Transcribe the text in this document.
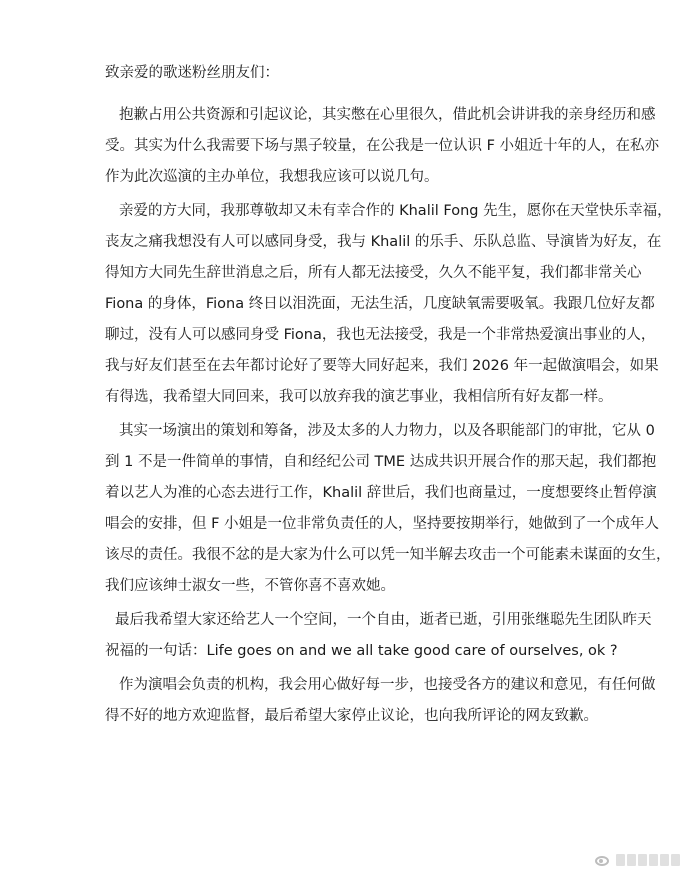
致亲爱的歌迷粉丝朋友们：
抱歉占用公共资源和引起议论，其实憋在心里很久，借此机会讲讲我的亲身经历和感
受。其实为什么我需要下场与黑子较量，在公我是一位认识 F 小姐近十年的人，在私亦
作为此次巡演的主办单位，我想我应该可以说几句。
亲爱的方大同，我那尊敬却又未有幸合作的 Khalil Fong 先生，愿你在天堂快乐幸福，
丧友之痛我想没有人可以感同身受，我与 Khalil 的乐手、乐队总监、导演皆为好友，在
得知方大同先生辞世消息之后，所有人都无法接受，久久不能平复，我们都非常关心
Fiona 的身体，Fiona 终日以泪洗面，无法生活，几度缺氧需要吸氧。我跟几位好友都
聊过，没有人可以感同身受 Fiona，我也无法接受，我是一个非常热爱演出事业的人，
我与好友们甚至在去年都讨论好了要等大同好起来，我们 2026 年一起做演唱会，如果
有得选，我希望大同回来，我可以放弃我的演艺事业，我相信所有好友都一样。
其实一场演出的策划和筹备，涉及太多的人力物力，以及各职能部门的审批，它从 0
到 1 不是一件简单的事情，自和经纪公司 TME 达成共识开展合作的那天起，我们都抱
着以艺人为准的心态去进行工作，Khalil 辞世后，我们也商量过，一度想要终止暂停演
唱会的安排，但 F 小姐是一位非常负责任的人，坚持要按期举行，她做到了一个成年人
该尽的责任。我很不忿的是大家为什么可以凭一知半解去攻击一个可能素未谋面的女生，
我们应该绅士淑女一些，不管你喜不喜欢她。
最后我希望大家还给艺人一个空间，一个自由，逝者已逝，引用张继聪先生团队昨天
祝福的一句话：Life goes on and we all take good care of ourselves, ok ?
作为演唱会负责的机构，我会用心做好每一步，也接受各方的建议和意见，有任何做
得不好的地方欢迎监督，最后希望大家停止议论，也向我所评论的网友致歉。
